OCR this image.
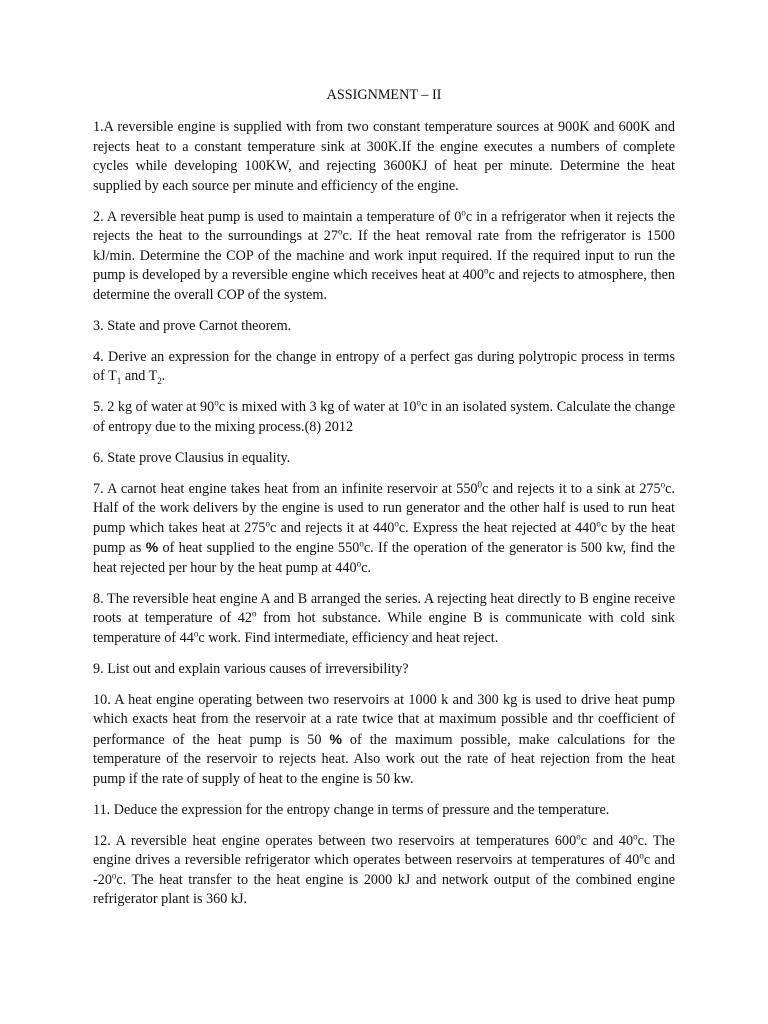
ASSIGNMENT – II

1.A reversible engine is supplied with from two constant temperature sources at 900K and 600K and rejects heat to a constant temperature sink at 300K.If the engine executes a numbers of complete cycles while developing 100KW, and rejecting 3600KJ of heat per minute. Determine the heat supplied by each source per minute and efficiency of the engine.

2. A reversible heat pump is used to maintain a temperature of 0$^o$c in a refrigerator when it rejects the rejects the heat to the surroundings at 27$^o$c. If the heat removal rate from the refrigerator is 1500 kJ/min. Determine the COP of the machine and work input required. If the required input to run the pump is developed by a reversible engine which receives heat at 400$^o$c and rejects to atmosphere, then determine the overall COP of the system.

3. State and prove Carnot theorem.

4. Derive an expression for the change in entropy of a perfect gas during polytropic process in terms of $T_1$ and $T_2$.

5. 2 kg of water at 90$^o$c is mixed with 3 kg of water at 10$^o$c in an isolated system. Calculate the change of entropy due to the mixing process.(8) 2012

6. State prove Clausius in equality.

7. A carnot heat engine takes heat from an infinite reservoir at $550^0c$ and rejects it to a sink at 275$^o$c. Half of the work delivers by the engine is used to run generator and the other half is used to run heat pump which takes heat at 275$^o$c and rejects it at 440$^o$c. Express the heat rejected at 440$^o$c by the heat pump as % of heat supplied to the engine 550$^o$c. If the operation of the generator is 500 kw, find the heat rejected per hour by the heat pump at 440$^o$c.

8. The reversible heat engine A and B arranged the series. A rejecting heat directly to B engine receive roots at temperature of 42$^o$ from hot substance. While engine B is communicate with cold sink temperature of 44$^o$c work. Find intermediate, efficiency and heat reject.

9. List out and explain various causes of irreversibility?

10. A heat engine operating between two reservoirs at 1000 k and 300 kg is used to drive heat pump which exacts heat from the reservoir at a rate twice that at maximum possible and thr coefficient of performance of the heat pump is 50 % of the maximum possible, make calculations for the temperature of the reservoir to rejects heat. Also work out the rate of heat rejection from the heat pump if the rate of supply of heat to the engine is 50 kw.

11. Deduce the expression for the entropy change in terms of pressure and the temperature.

12. A reversible heat engine operates between two reservoirs at temperatures 600$^o$c and 40$^o$c. The engine drives a reversible refrigerator which operates between reservoirs at temperatures of 40$^o$c and -20$^o$c. The heat transfer to the heat engine is 2000 kJ and network output of the combined engine refrigerator plant is 360 kJ.
